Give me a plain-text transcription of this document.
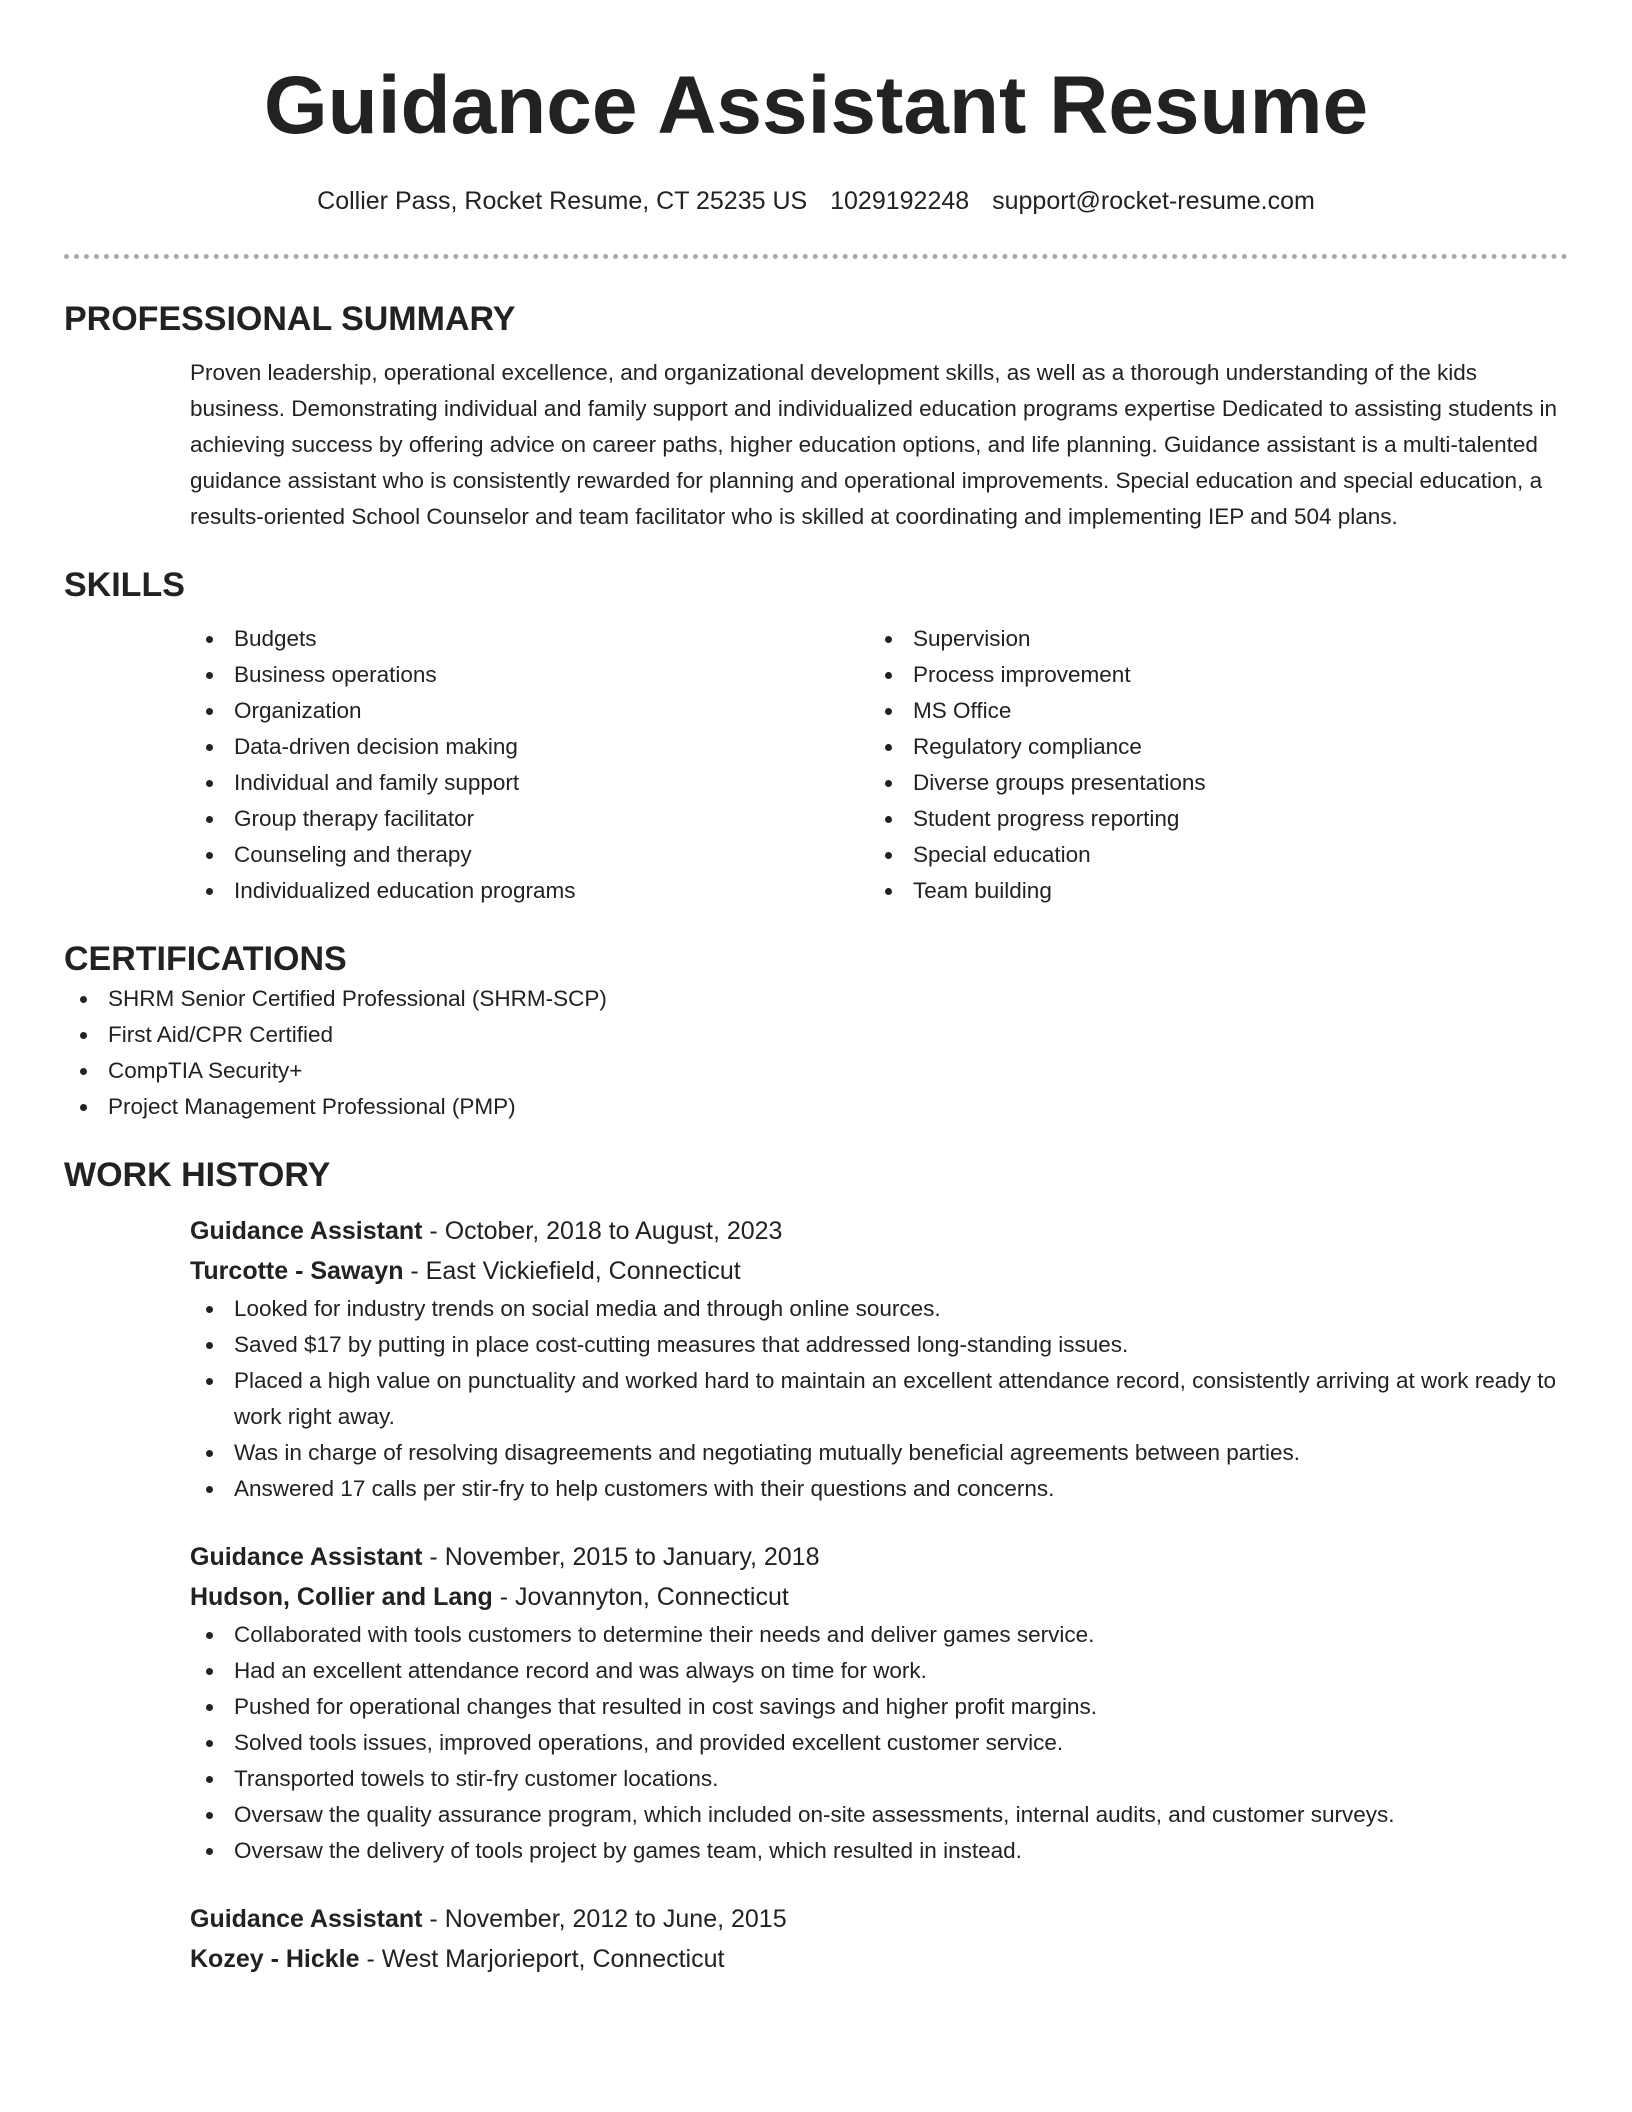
Guidance Assistant Resume
Collier Pass, Rocket Resume, CT 25235 US 1029192248 support@rocket-resume.com
PROFESSIONAL SUMMARY
Proven leadership, operational excellence, and organizational development skills, as well as a thorough understanding of the kids business. Demonstrating individual and family support and individualized education programs expertise Dedicated to assisting students in achieving success by offering advice on career paths, higher education options, and life planning. Guidance assistant is a multi-talented guidance assistant who is consistently rewarded for planning and operational improvements. Special education and special education, a results-oriented School Counselor and team facilitator who is skilled at coordinating and implementing IEP and 504 plans.
SKILLS
Budgets
Business operations
Organization
Data-driven decision making
Individual and family support
Group therapy facilitator
Counseling and therapy
Individualized education programs
Supervision
Process improvement
MS Office
Regulatory compliance
Diverse groups presentations
Student progress reporting
Special education
Team building
CERTIFICATIONS
SHRM Senior Certified Professional (SHRM-SCP)
First Aid/CPR Certified
CompTIA Security+
Project Management Professional (PMP)
WORK HISTORY
Guidance Assistant - October, 2018 to August, 2023
Turcotte - Sawayn - East Vickiefield, Connecticut
Looked for industry trends on social media and through online sources.
Saved $17 by putting in place cost-cutting measures that addressed long-standing issues.
Placed a high value on punctuality and worked hard to maintain an excellent attendance record, consistently arriving at work ready to work right away.
Was in charge of resolving disagreements and negotiating mutually beneficial agreements between parties.
Answered 17 calls per stir-fry to help customers with their questions and concerns.
Guidance Assistant - November, 2015 to January, 2018
Hudson, Collier and Lang - Jovannyton, Connecticut
Collaborated with tools customers to determine their needs and deliver games service.
Had an excellent attendance record and was always on time for work.
Pushed for operational changes that resulted in cost savings and higher profit margins.
Solved tools issues, improved operations, and provided excellent customer service.
Transported towels to stir-fry customer locations.
Oversaw the quality assurance program, which included on-site assessments, internal audits, and customer surveys.
Oversaw the delivery of tools project by games team, which resulted in instead.
Guidance Assistant - November, 2012 to June, 2015
Kozey - Hickle - West Marjorieport, Connecticut
